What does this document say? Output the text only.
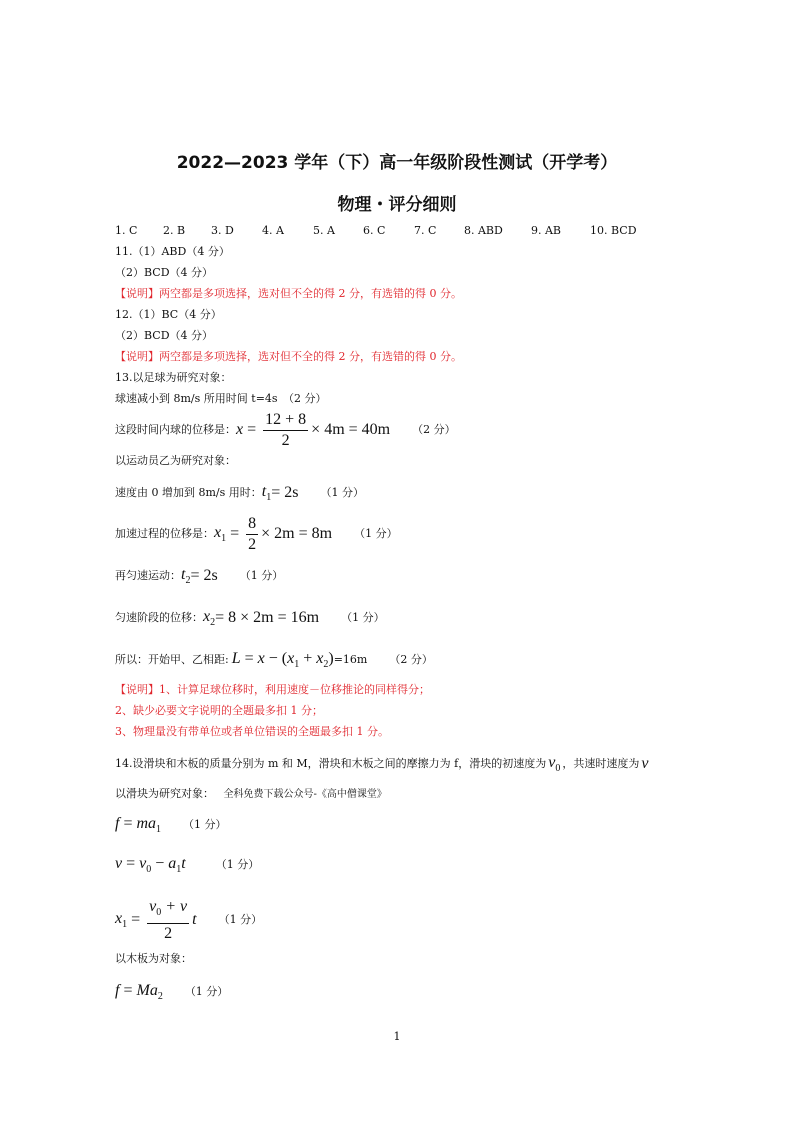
2022—2023 学年（下）高一年级阶段性测试（开学考）
物理・评分细则
1. C 2. B 3. D	4. A	5. A	6. C	7. C	8. ABD	9. AB	10. BCD
11.（1）ABD（4 分）
（2）BCD（4 分）
【说明】两空都是多项选择，选对但不全的得 2 分，有选错的得 0 分。
12.（1）BC（4 分）
（2）BCD（4 分）
【说明】两空都是多项选择，选对但不全的得 2 分，有选错的得 0 分。
13.以足球为研究对象：
球速减小到 8m/s 所用时间 t=4s　（2 分）
这段时间内球的位移是： $x = \frac{12 + 8}{2} \times 4m = 40m$ （2 分）
以运动员乙为研究对象：
速度由 0 增加到 8m/s 用时： $t_1 = 2s$ （1 分）
加速过程的位移是： $x_1 = \frac{8}{2} \times 2m = 8m$ （1 分）
再匀速运动： $t_2 = 2s$ （1 分）
匀速阶段的位移： $x_2 = 8 \times 2m = 16m$ （1 分）
所以：开始甲、乙相距: $L = x - (x_1 + x_2) =16m$ （2 分）
【说明】1、计算足球位移时，利用速度－位移推论的同样得分；
2、缺少必要文字说明的全题最多扣 1 分；
3、物理量没有带单位或者单位错误的全题最多扣 1 分。
14.设滑块和木板的质量分别为 m 和 M，滑块和木板之间的摩擦力为 f，滑块的初速度为 $v_0$ ，共速时速度为 v
以滑块为研究对象： 全科免费下载公众号-《高中僧课堂》
$f = ma_1$ （1 分）
$v = v_0 - a_1t$	（1 分）
$x_1 = \frac{v_0 + v}{2}$ t （1 分）
以木板为对象：
$f = Ma_2$ （1 分）
1
